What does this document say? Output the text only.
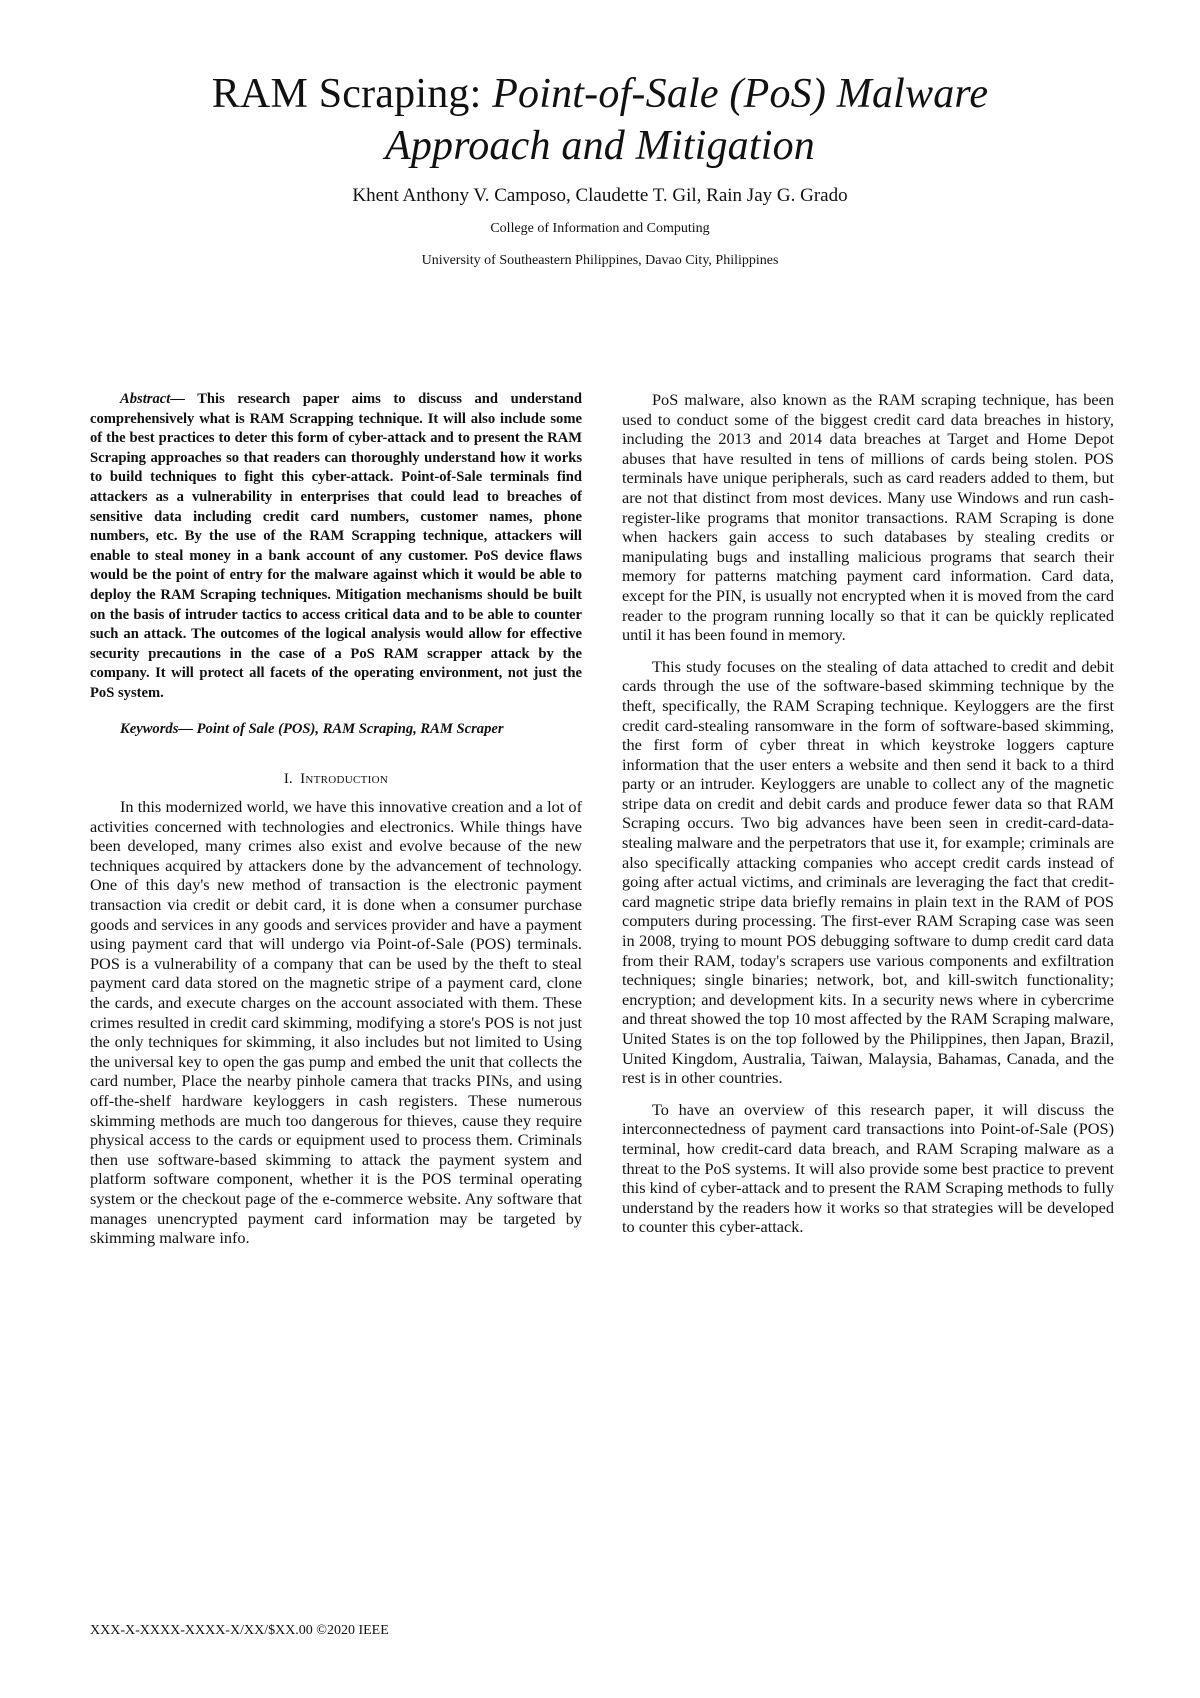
RAM Scraping: Point-of-Sale (PoS) Malware
Approach and Mitigation
Khent Anthony V. Camposo, Claudette T. Gil, Rain Jay G. Grado
College of Information and Computing
University of Southeastern Philippines, Davao City, Philippines

Abstract— This research paper aims to discuss and understand comprehensively what is RAM Scrapping technique. It will also include some of the best practices to deter this form of cyber-attack and to present the RAM Scraping approaches so that readers can thoroughly understand how it works to build techniques to fight this cyber-attack. Point-of-Sale terminals find attackers as a vulnerability in enterprises that could lead to breaches of sensitive data including credit card numbers, customer names, phone numbers, etc. By the use of the RAM Scrapping technique, attackers will enable to steal money in a bank account of any customer. PoS device flaws would be the point of entry for the malware against which it would be able to deploy the RAM Scraping techniques. Mitigation mechanisms should be built on the basis of intruder tactics to access critical data and to be able to counter such an attack. The outcomes of the logical analysis would allow for effective security precautions in the case of a PoS RAM scrapper attack by the company. It will protect all facets of the operating environment, not just the PoS system.

Keywords— Point of Sale (POS), RAM Scraping, RAM Scraper

I. Introduction

In this modernized world, we have this innovative creation and a lot of activities concerned with technologies and electronics. While things have been developed, many crimes also exist and evolve because of the new techniques acquired by attackers done by the advancement of technology. One of this day's new method of transaction is the electronic payment transaction via credit or debit card, it is done when a consumer purchase goods and services in any goods and services provider and have a payment using payment card that will undergo via Point-of-Sale (POS) terminals. POS is a vulnerability of a company that can be used by the theft to steal payment card data stored on the magnetic stripe of a payment card, clone the cards, and execute charges on the account associated with them. These crimes resulted in credit card skimming, modifying a store's POS is not just the only techniques for skimming, it also includes but not limited to Using the universal key to open the gas pump and embed the unit that collects the card number, Place the nearby pinhole camera that tracks PINs, and using off-the-shelf hardware keyloggers in cash registers. These numerous skimming methods are much too dangerous for thieves, cause they require physical access to the cards or equipment used to process them. Criminals then use software-based skimming to attack the payment system and platform software component, whether it is the POS terminal operating system or the checkout page of the e-commerce website. Any software that manages unencrypted payment card information may be targeted by skimming malware info.

PoS malware, also known as the RAM scraping technique, has been used to conduct some of the biggest credit card data breaches in history, including the 2013 and 2014 data breaches at Target and Home Depot abuses that have resulted in tens of millions of cards being stolen. POS terminals have unique peripherals, such as card readers added to them, but are not that distinct from most devices. Many use Windows and run cash-register-like programs that monitor transactions. RAM Scraping is done when hackers gain access to such databases by stealing credits or manipulating bugs and installing malicious programs that search their memory for patterns matching payment card information. Card data, except for the PIN, is usually not encrypted when it is moved from the card reader to the program running locally so that it can be quickly replicated until it has been found in memory.

This study focuses on the stealing of data attached to credit and debit cards through the use of the software-based skimming technique by the theft, specifically, the RAM Scraping technique. Keyloggers are the first credit card-stealing ransomware in the form of software-based skimming, the first form of cyber threat in which keystroke loggers capture information that the user enters a website and then send it back to a third party or an intruder. Keyloggers are unable to collect any of the magnetic stripe data on credit and debit cards and produce fewer data so that RAM Scraping occurs. Two big advances have been seen in credit-card-data-stealing malware and the perpetrators that use it, for example; criminals are also specifically attacking companies who accept credit cards instead of going after actual victims, and criminals are leveraging the fact that credit-card magnetic stripe data briefly remains in plain text in the RAM of POS computers during processing. The first-ever RAM Scraping case was seen in 2008, trying to mount POS debugging software to dump credit card data from their RAM, today's scrapers use various components and exfiltration techniques; single binaries; network, bot, and kill-switch functionality; encryption; and development kits. In a security news where in cybercrime and threat showed the top 10 most affected by the RAM Scraping malware, United States is on the top followed by the Philippines, then Japan, Brazil, United Kingdom, Australia, Taiwan, Malaysia, Bahamas, Canada, and the rest is in other countries.

To have an overview of this research paper, it will discuss the interconnectedness of payment card transactions into Point-of-Sale (POS) terminal, how credit-card data breach, and RAM Scraping malware as a threat to the PoS systems. It will also provide some best practice to prevent this kind of cyber-attack and to present the RAM Scraping methods to fully understand by the readers how it works so that strategies will be developed to counter this cyber-attack.

XXX-X-XXXX-XXXX-X/XX/$XX.00 ©2020 IEEE
